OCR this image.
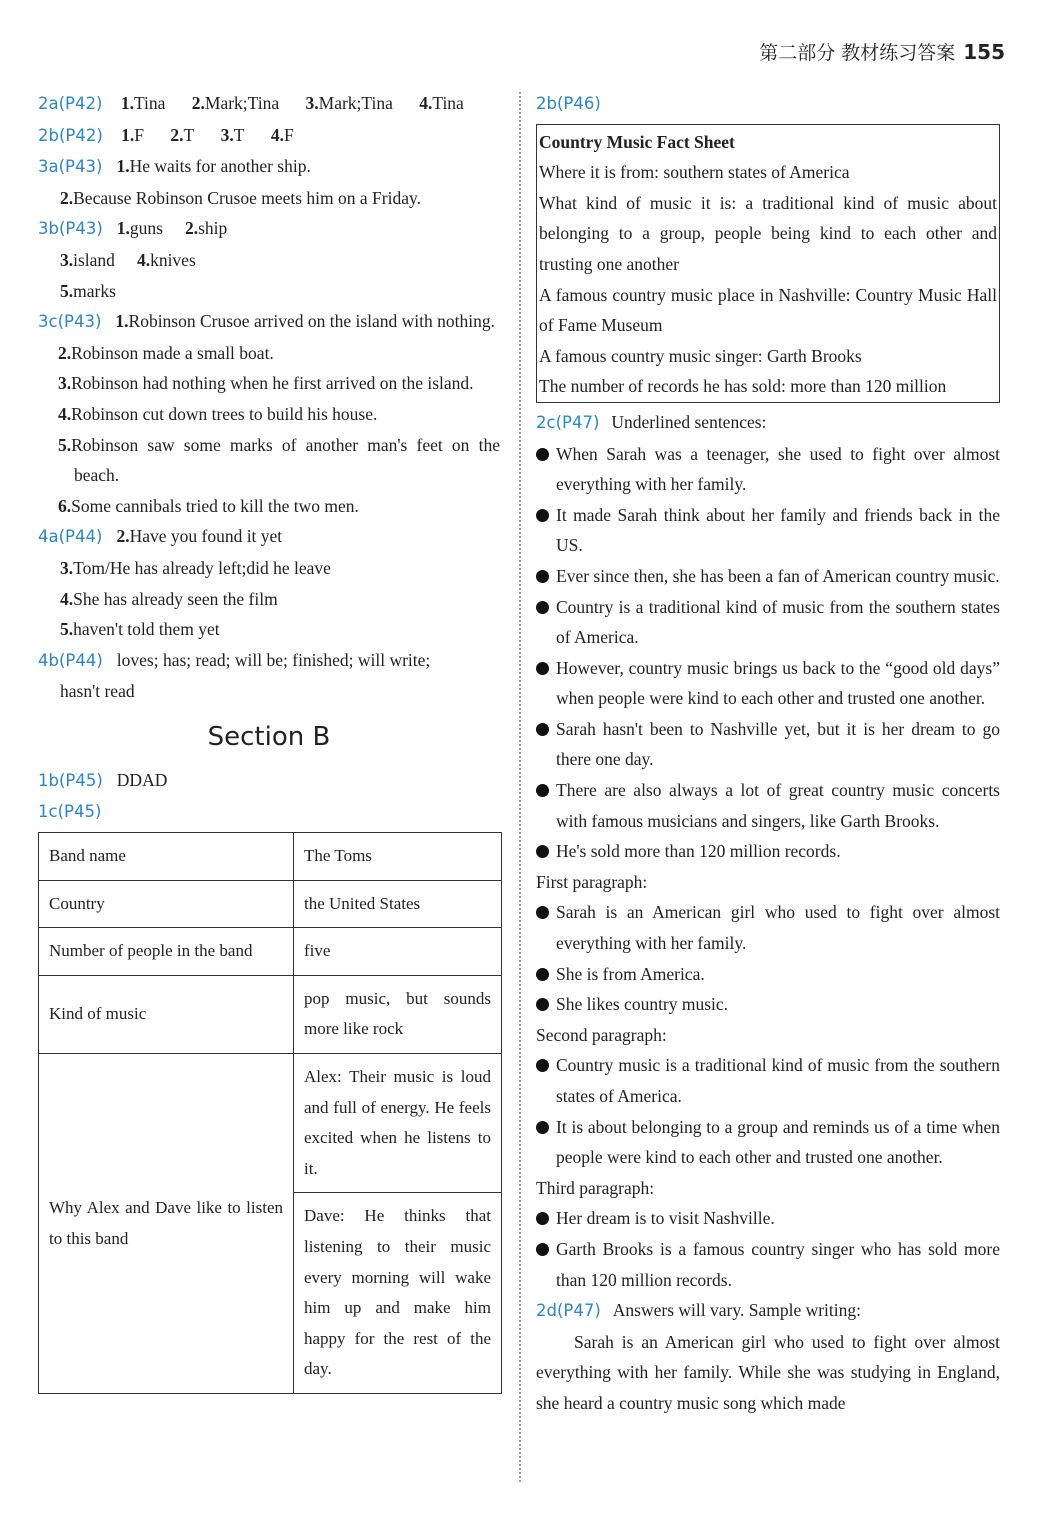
第二部分 教材练习答案 155
2a(P42) 1.Tina 2.Mark;Tina 3.Mark;Tina 4.Tina
2b(P42) 1.F 2.T 3.T 4.F
3a(P43) 1.He waits for another ship.
2.Because Robinson Crusoe meets him on a Friday.
3b(P43) 1.guns 2.ship
3.island 4.knives
5.marks
3c(P43) 1.Robinson Crusoe arrived on the island with nothing.
2.Robinson made a small boat.
3.Robinson had nothing when he first arrived on the island.
4.Robinson cut down trees to build his house.
5.Robinson saw some marks of another man's feet on the beach.
6.Some cannibals tried to kill the two men.
4a(P44) 2.Have you found it yet
3.Tom/He has already left;did he leave
4.She has already seen the film
5.haven't told them yet
4b(P44) loves; has; read; will be; finished; will write;
hasn't read
Section B
1b(P45) DDAD
1c(P45)
Band name	The Toms
Country	the United States
Number of people in the band	five
Kind of music	pop music, but sounds more like rock
Why Alex and Dave like to listen to this band	Alex: Their music is loud and full of energy. He feels excited when he listens to it.
Dave: He thinks that listening to their music every morning will wake him up and make him happy for the rest of the day.
2b(P46)
Country Music Fact Sheet
Where it is from: southern states of America
What kind of music it is: a traditional kind of music about belonging to a group, people being kind to each other and trusting one another
A famous country music place in Nashville: Country Music Hall of Fame Museum
A famous country music singer: Garth Brooks
The number of records he has sold: more than 120 million
2c(P47) Underlined sentences:
When Sarah was a teenager, she used to fight over almost everything with her family.
It made Sarah think about her family and friends back in the US.
Ever since then, she has been a fan of American country music.
Country is a traditional kind of music from the southern states of America.
However, country music brings us back to the “good old days” when people were kind to each other and trusted one another.
Sarah hasn't been to Nashville yet, but it is her dream to go there one day.
There are also always a lot of great country music concerts with famous musicians and singers, like Garth Brooks.
He's sold more than 120 million records.
First paragraph:
Sarah is an American girl who used to fight over almost everything with her family.
She is from America.
She likes country music.
Second paragraph:
Country music is a traditional kind of music from the southern states of America.
It is about belonging to a group and reminds us of a time when people were kind to each other and trusted one another.
Third paragraph:
Her dream is to visit Nashville.
Garth Brooks is a famous country singer who has sold more than 120 million records.
2d(P47) Answers will vary. Sample writing:
Sarah is an American girl who used to fight over almost everything with her family. While she was studying in England, she heard a country music song which made
